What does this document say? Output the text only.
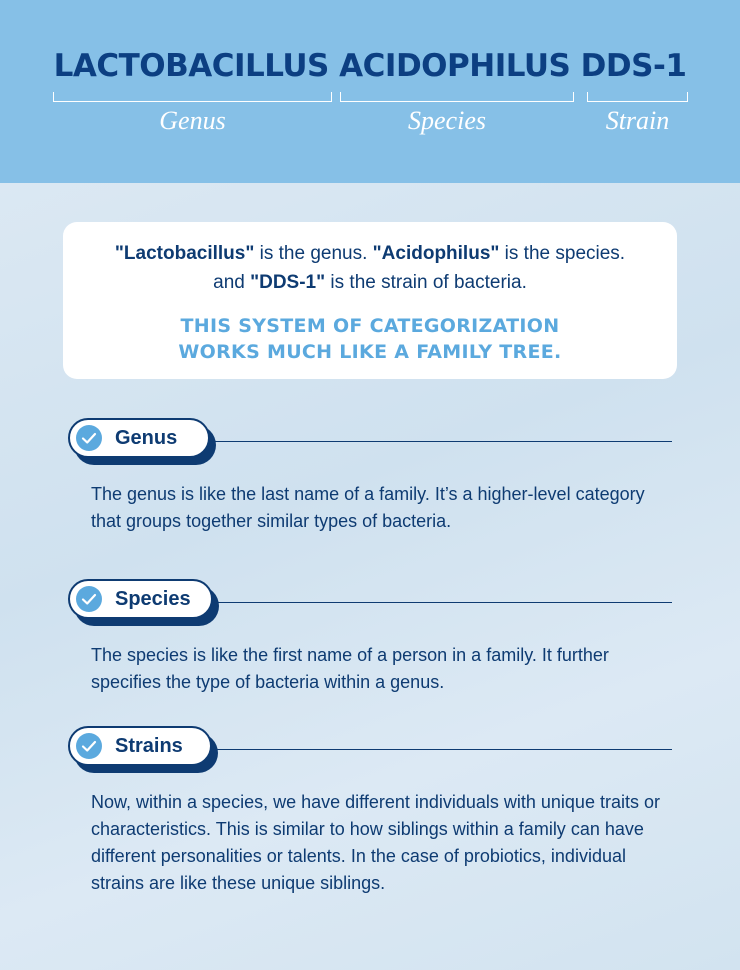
LACTOBACILLUS ACIDOPHILUS DDS-1
Genus	Species	Strain
"Lactobacillus" is the genus. "Acidophilus" is the species.
and "DDS-1" is the strain of bacteria.
THIS SYSTEM OF CATEGORIZATION
WORKS MUCH LIKE A FAMILY TREE.
Genus
The genus is like the last name of a family. It’s a higher-level category that groups together similar types of bacteria.
Species
The species is like the first name of a person in a family. It further specifies the type of bacteria within a genus.
Strains
Now, within a species, we have different individuals with unique traits or characteristics. This is similar to how siblings within a family can have different personalities or talents. In the case of probiotics, individual strains are like these unique siblings.
